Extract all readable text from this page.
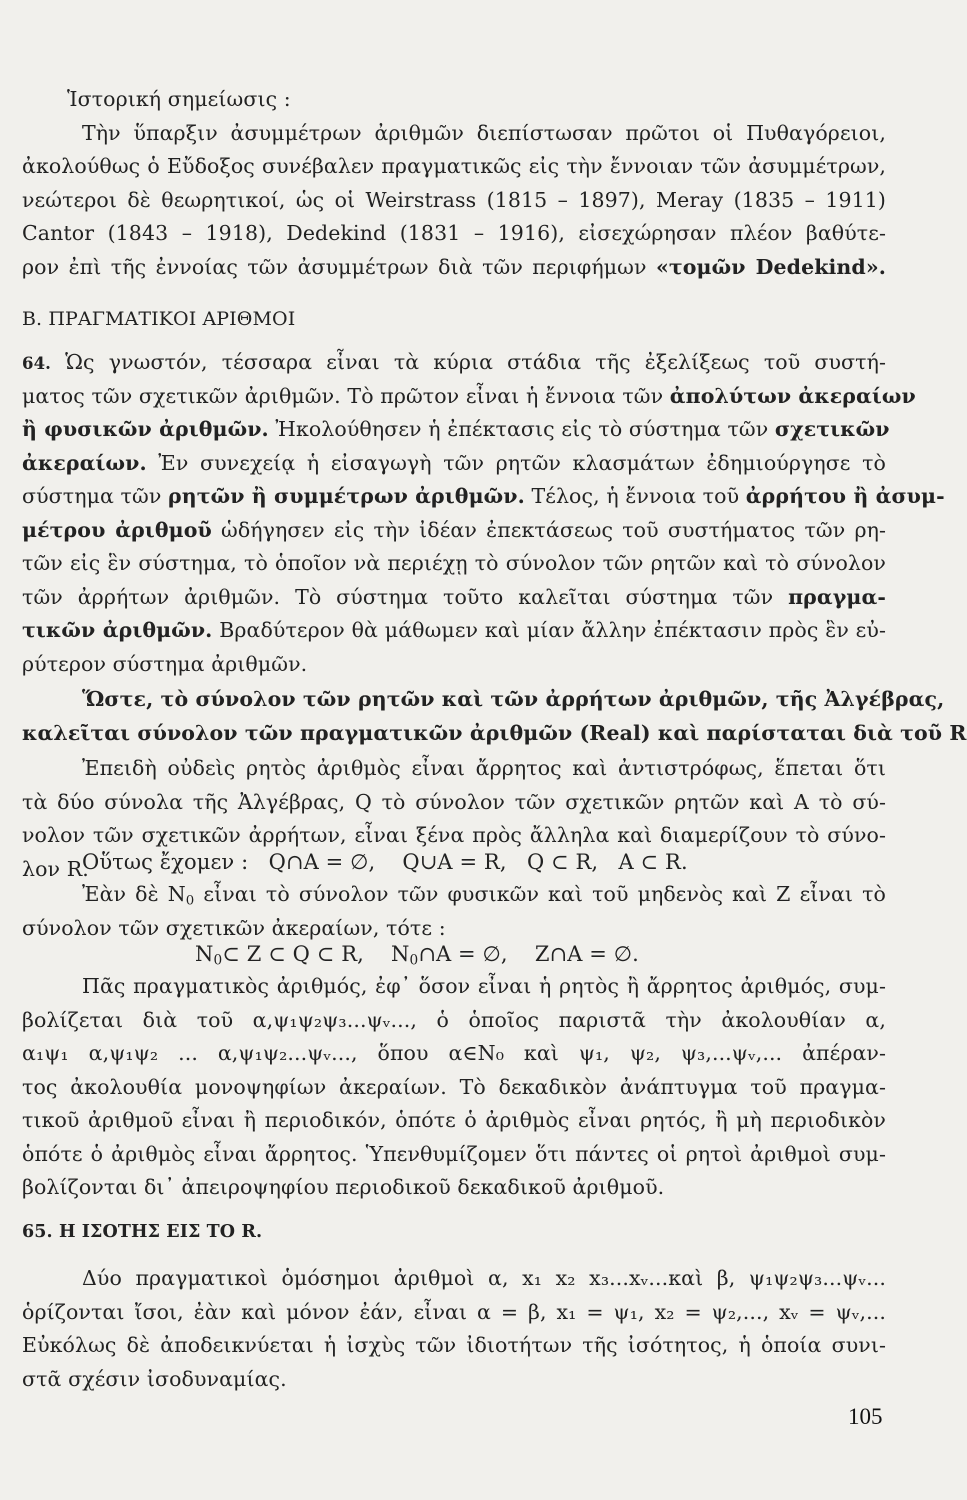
Ἱστορική σημείωσις :
Τὴν ὕπαρξιν ἀσυμμέτρων ἀριθμῶν διεπίστωσαν πρῶτοι οἱ Πυθαγόρειοι,
ἀκολούθως ὁ Εὔδοξος συνέβαλεν πραγματικῶς εἰς τὴν ἔννοιαν τῶν ἀσυμμέτρων,
νεώτεροι δὲ θεωρητικοί, ὡς οἱ Weirstrass (1815 – 1897), Meray (1835 – 1911)
Cantor (1843 – 1918), Dedekind (1831 – 1916), εἰσεχώρησαν πλέον βαθύτε-
ρον ἐπὶ τῆς ἐννοίας τῶν ἀσυμμέτρων διὰ τῶν περιφήμων «τομῶν Dedekind».
Β. ΠΡΑΓΜΑΤΙΚΟΙ ΑΡΙΘΜΟΙ
64. Ὡς γνωστόν, τέσσαρα εἶναι τὰ κύρια στάδια τῆς ἐξελίξεως τοῦ συστή-
ματος τῶν σχετικῶν ἀριθμῶν. Τὸ πρῶτον εἶναι ἡ ἔννοια τῶν ἀπολύτων ἀκεραίων
ἢ φυσικῶν ἀριθμῶν. Ἠκολούθησεν ἡ ἐπέκτασις εἰς τὸ σύστημα τῶν σχετικῶν
ἀκεραίων. Ἐν συνεχείᾳ ἡ εἰσαγωγὴ τῶν ρητῶν κλασμάτων ἐδημιούργησε τὸ
σύστημα τῶν ρητῶν ἢ συμμέτρων ἀριθμῶν. Τέλος, ἡ ἔννοια τοῦ ἀρρήτου ἢ ἀσυμ-
μέτρου ἀριθμοῦ ὡδήγησεν εἰς τὴν ἰδέαν ἐπεκτάσεως τοῦ συστήματος τῶν ρη-
τῶν εἰς ἓν σύστημα, τὸ ὁποῖον νὰ περιέχῃ τὸ σύνολον τῶν ρητῶν καὶ τὸ σύνολον
τῶν ἀρρήτων ἀριθμῶν. Τὸ σύστημα τοῦτο καλεῖται σύστημα τῶν πραγμα-
τικῶν ἀριθμῶν. Βραδύτερον θὰ μάθωμεν καὶ μίαν ἄλλην ἐπέκτασιν πρὸς ἓν εὐ-
ρύτερον σύστημα ἀριθμῶν.
Ὥστε, τὸ σύνολον τῶν ρητῶν καὶ τῶν ἀρρήτων ἀριθμῶν, τῆς Ἀλγέβρας,
καλεῖται σύνολον τῶν πραγματικῶν ἀριθμῶν (Real) καὶ παρίσταται διὰ τοῦ R
Ἐπειδὴ οὐδεὶς ρητὸς ἀριθμὸς εἶναι ἄρρητος καὶ ἀντιστρόφως, ἕπεται ὅτι
τὰ δύο σύνολα τῆς Ἀλγέβρας, Q τὸ σύνολον τῶν σχετικῶν ρητῶν καὶ Α τὸ σύ-
νολον τῶν σχετικῶν ἀρρήτων, εἶναι ξένα πρὸς ἄλληλα καὶ διαμερίζουν τὸ σύνο-
λον R.
Οὕτως ἔχομεν : Q∩A = ∅, Q∪A = R, Q ⊂ R, A ⊂ R.
Ἐὰν δὲ $N_0$ εἶναι τὸ σύνολον τῶν φυσικῶν καὶ τοῦ μηδενὸς καὶ Ζ εἶναι τὸ
σύνολον τῶν σχετικῶν ἀκεραίων, τότε :
$N_0\subset$ Z ⊂ Q ⊂ R, $N_0\cap A$ = ∅, Z∩A = ∅.
Πᾶς πραγματικὸς ἀριθμός, ἐφ᾽ ὅσον εἶναι ἡ ρητὸς ἢ ἄρρητος ἀριθμός, συμ-
βολίζεται διὰ τοῦ α,ψ₁ψ₂ψ₃...ψᵥ..., ὁ ὁποῖος παριστᾶ τὴν ἀκολουθίαν α,
α₁ψ₁ α,ψ₁ψ₂ ... α,ψ₁ψ₂...ψᵥ..., ὅπου α∈N₀ καὶ ψ₁, ψ₂, ψ₃,...ψᵥ,... ἀπέραν-
τος ἀκολουθία μονοψηφίων ἀκεραίων. Τὸ δεκαδικὸν ἀνάπτυγμα τοῦ πραγμα-
τικοῦ ἀριθμοῦ εἶναι ἢ περιοδικόν, ὁπότε ὁ ἀριθμὸς εἶναι ρητός, ἢ μὴ περιοδικὸν
ὁπότε ὁ ἀριθμὸς εἶναι ἄρρητος. Ὑπενθυμίζομεν ὅτι πάντες οἱ ρητοὶ ἀριθμοὶ συμ-
βολίζονται δι᾽ ἀπειροψηφίου περιοδικοῦ δεκαδικοῦ ἀριθμοῦ.
65. Η ΙΣΟΤΗΣ ΕΙΣ ΤΟ R.
Δύο πραγματικοὶ ὁμόσημοι ἀριθμοὶ α, x₁ x₂ x₃...xᵥ...καὶ β, ψ₁ψ₂ψ₃...ψᵥ...
ὁρίζονται ἴσοι, ἐὰν καὶ μόνον ἐάν, εἶναι α = β, x₁ = ψ₁, x₂ = ψ₂,..., xᵥ = ψᵥ,...
Εὐκόλως δὲ ἀποδεικνύεται ἡ ἰσχὺς τῶν ἰδιοτήτων τῆς ἰσότητος, ἡ ὁποία συνι-
στᾶ σχέσιν ἰσοδυναμίας.
105
